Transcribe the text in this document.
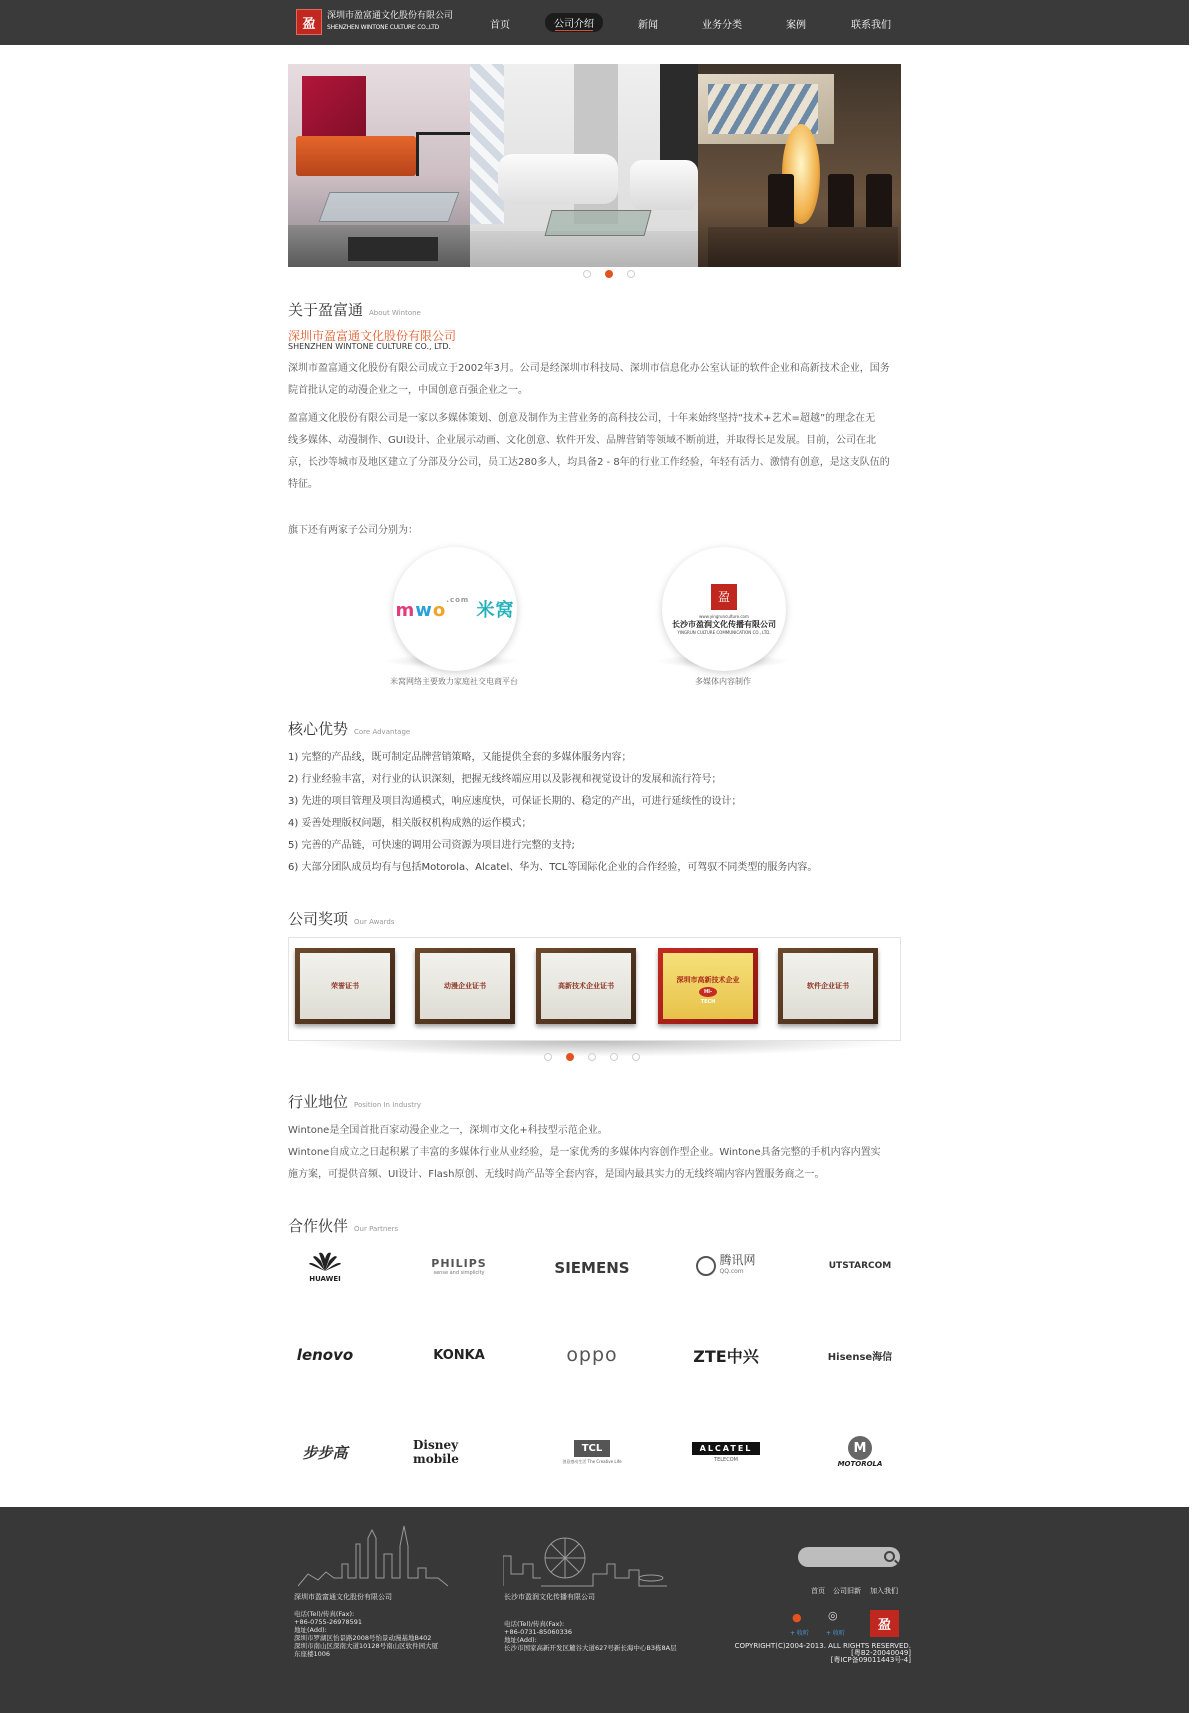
盈
深圳市盈富通文化股份有限公司
SHENZHEN WINTONE CULTURE CO.,LTD	首页	公司介绍	新闻	业务分类	案例	联系我们
关于盈富通 About Wintone
深圳市盈富通文化股份有限公司
SHENZHEN WINTONE CULTURE CO., LTD.
深圳市盈富通文化股份有限公司成立于2002年3月。公司是经深圳市科技局、深圳市信息化办公室认证的软件企业和高新技术企业，国务
院首批认定的动漫企业之一，中国创意百强企业之一。
盈富通文化股份有限公司是一家以多媒体策划、创意及制作为主营业务的高科技公司，十年来始终坚持“技术+艺术=超越”的理念在无
线多媒体、动漫制作、GUI设计、企业展示动画、文化创意、软件开发、品牌营销等领域不断前进，并取得长足发展。目前，公司在北
京，长沙等城市及地区建立了分部及分公司，员工达280多人，均具备2 - 8年的行业工作经验，年轻有活力、激情有创意，是这支队伍的
特征。
旗下还有两家子公司分别为：
mwo$^{.com}$ 米窝
米窝网络主要致力家庭社交电商平台
盈
www.yingrunculture.com
长沙市盈润文化传播有限公司
YINGRUN CULTURE COMMUNICATION CO., LTD.
多媒体内容制作
核心优势 Core Advantage
1) 完整的产品线，既可制定品牌营销策略，又能提供全套的多媒体服务内容；
2) 行业经验丰富，对行业的认识深刻，把握无线终端应用以及影视和视觉设计的发展和流行符号；
3) 先进的项目管理及项目沟通模式，响应速度快，可保证长期的、稳定的产出，可进行延续性的设计；
4) 妥善处理版权问题，相关版权机构成熟的运作模式；
5) 完善的产品链，可快速的调用公司资源为项目进行完整的支持;
6) 大部分团队成员均有与包括Motorola、Alcatel、华为、TCL等国际化企业的合作经验，可驾驭不同类型的服务内容。
公司奖项 Our Awards
荣誉证书	动漫企业证书	高新技术企业证书
深圳市高新技术企业
HI-TECH
软件企业证书
行业地位 Position In Industry
Wintone是全国首批百家动漫企业之一，深圳市文化+科技型示范企业。
Wintone自成立之日起积累了丰富的多媒体行业从业经验，是一家优秀的多媒体内容创作型企业。Wintone具备完整的手机内容内置实
施方案，可提供音频、UI设计、Flash原创、无线时尚产品等全套内容，是国内最具实力的无线终端内容内置服务商之一。
合作伙伴 Our Partners
HUAWEI
PHILIPS
sense and simplicity	SIEMENS	腾讯网
QQ.com
UTSTARCOM
lenovo	KONKA	oppo	ZTE中兴	Hisense海信
步步高	Disney mobile
TCL
创意感动生活 The Creative Life
ALCATEL
TELECOM
M
MOTOROLA
深圳市盈富通文化股份有限公司
电话(Tel)/传真(Fax):
+86-0755-26978591
地址(Add):
深圳市罗湖区怡景路2008号怡景动漫基地B402
深圳市南山区深南大道10128号南山区软件园大厦
东座楼1006
长沙市盈润文化传播有限公司
电话(Tel)/传真(Fax):
+86-0731-85060336
地址(Add):
长沙市国家高新开发区麓谷大道627号新长海中心B3栋8A层
首页 公司旧新 加入我们
●
+ 收听
◎
+ 收听
盈
COPYRIGHT(C)2004-2013. ALL RIGHTS RESERVED.
[粤B2-20040049]
[粤ICP备09011443号-4]
